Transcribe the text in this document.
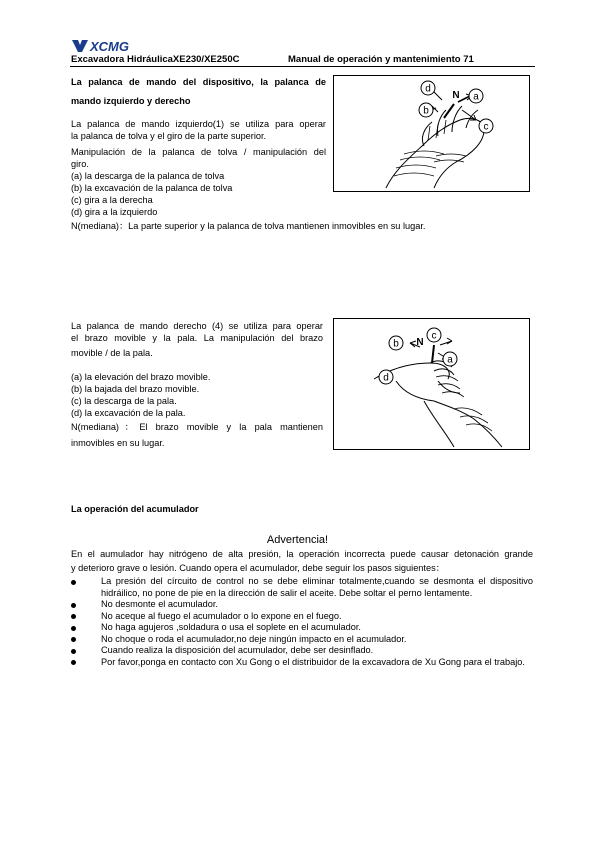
XCMG
Excavadora HidráulicaXE230/XE250C	Manual de operación y mantenimiento 71
La palanca de mando del dispositivo, la palanca de
mando izquierdo y derecho
La palanca de mando izquierdo(1) se utiliza para operar
la palanca de tolva y el giro de la parte superior.
Manipulación de la palanca de tolva / manipulación del
giro.
(a) la descarga de la palanca de tolva
(b) la excavación de la palanca de tolva
(c) gira a la derecha
(d) gira a la izquierdo
N(mediana)：La parte superior y la palanca de tolva mantienen inmovibles en su lugar.
d
b
a
c
N
La palanca de mando derecho (4) se utiliza para operar
el brazo movible y la pala. La manipulación del brazo
movible / de la pala.
(a) la elevación del brazo movible.
(b) la bajada del brazo movible.
(c) la descarga de la pala.
(d) la excavación de la pala.
N(mediana)：El brazo movible y la pala mantienen
inmovibles en su lugar.
b
c
a
d
N
La operación del acumulador
Advertencia!
En el aumulador hay nitrógeno de alta presión, la operación incorrecta puede causar detonación grande
y deterioro grave o lesión. Cuando opera el acumulador, debe seguir los pasos siguientes：
La presión del círcuito de control no se debe eliminar totalmente,cuando se desmonta el dispositivo hidráilico, no pone de pie en la dirección de salir el aceite. Debe soltar el perno lentamente.
No desmonte el acumulador.
No aceque al fuego el acumulador o lo expone en el fuego.
No haga agujeros ,soldadura o usa el soplete en el acumulador.
No choque o roda el acumulador,no deje ningún impacto en el acumulador.
Cuando realiza la disposición del acumulador, debe ser desinflado.
Por favor,ponga en contacto con Xu Gong o el distribuidor de la excavadora de Xu Gong para el trabajo.
